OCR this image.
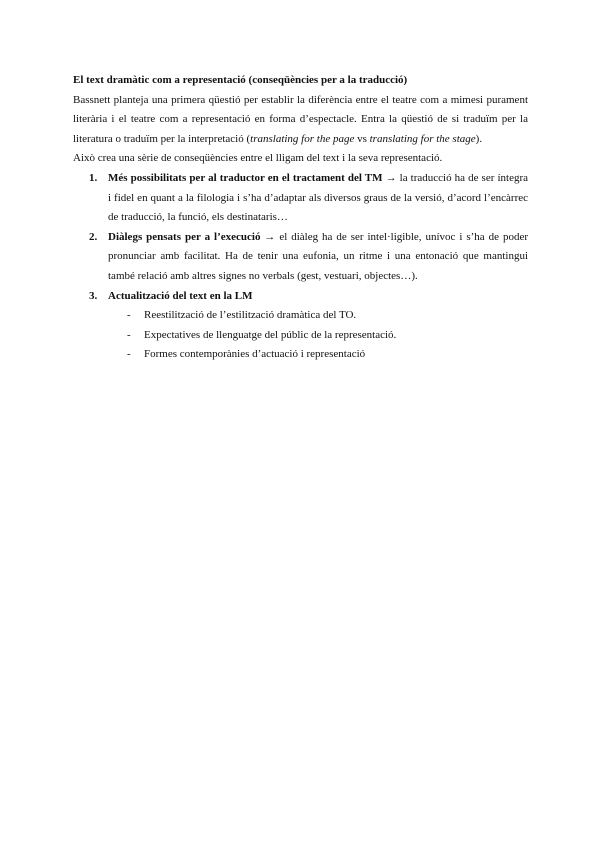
El text dramàtic com a representació (conseqüències per a la traducció)

Bassnett planteja una primera qüestió per establir la diferència entre el teatre com a mimesi purament literària i el teatre com a representació en forma d’espectacle. Entra la qüestió de si traduïm per la literatura o traduïm per la interpretació (translating for the page vs translating for the stage).

Això crea una sèrie de conseqüències entre el lligam del text i la seva representació.

1. Més possibilitats per al traductor en el tractament del TM → la traducció ha de ser íntegra i fidel en quant a la filologia i s’ha d’adaptar als diversos graus de la versió, d’acord l’encàrrec de traducció, la funció, els destinataris…
2. Diàlegs pensats per a l’execució → el diàleg ha de ser intel·ligible, unívoc i s’ha de poder pronunciar amb facilitat. Ha de tenir una eufonia, un ritme i una entonació que mantingui també relació amb altres signes no verbals (gest, vestuari, objectes…).
3. Actualització del text en la LM
- Reestilització de l’estilització dramàtica del TO.
- Expectatives de llenguatge del públic de la representació.
- Formes contemporànies d’actuació i representació
